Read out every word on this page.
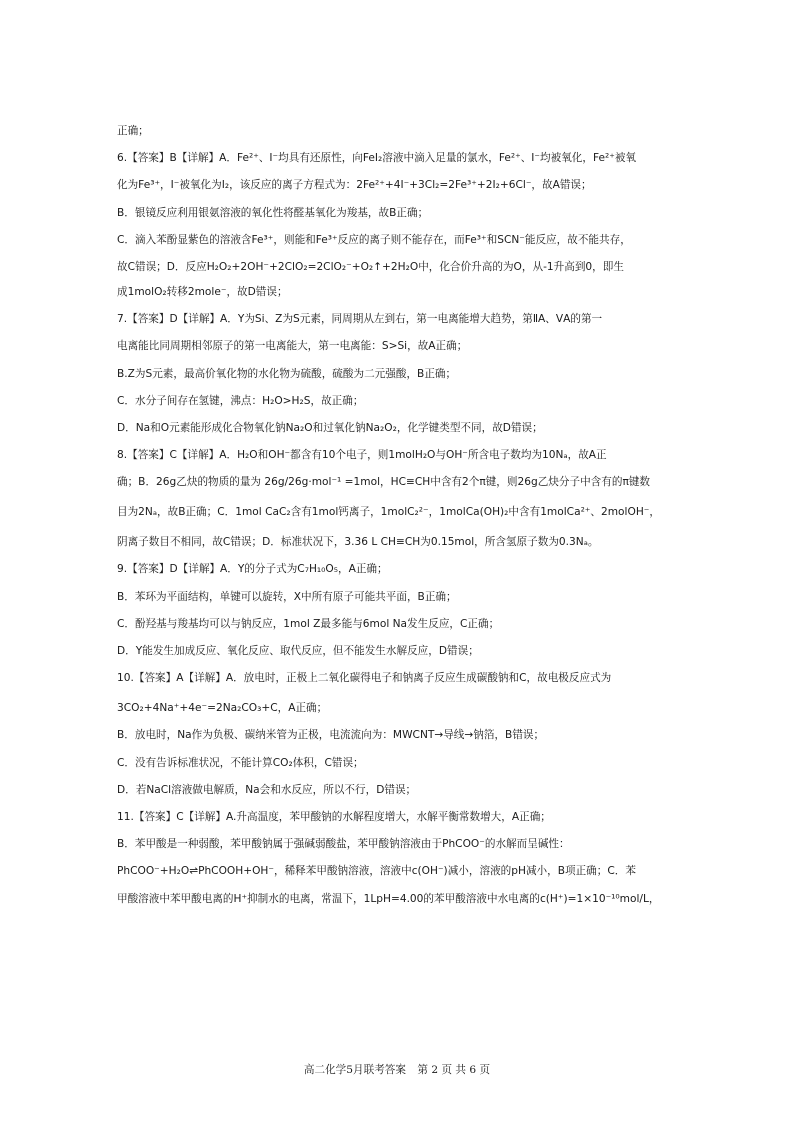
正确；
6.【答案】B【详解】A．Fe²⁺、I⁻均具有还原性，向FeI₂溶液中滴入足量的氯水，Fe²⁺、I⁻均被氧化，Fe²⁺被氧
化为Fe³⁺，I⁻被氧化为I₂，该反应的离子方程式为：2Fe²⁺+4I⁻+3Cl₂=2Fe³⁺+2I₂+6Cl⁻，故A错误；
B．银镜反应利用银氨溶液的氧化性将醛基氧化为羧基，故B正确；
C．滴入苯酚显紫色的溶液含Fe³⁺，则能和Fe³⁺反应的离子则不能存在，而Fe³⁺和SCN⁻能反应，故不能共存，
故C错误；D．反应H₂O₂+2OH⁻+2ClO₂=2ClO₂⁻+O₂↑+2H₂O中，化合价升高的为O，从-1升高到0，即生
成1molO₂转移2mole⁻，故D错误；
7.【答案】D【详解】A．Y为Si、Z为S元素，同周期从左到右，第一电离能增大趋势，第ⅡA、ⅤA的第一
电离能比同周期相邻原子的第一电离能大，第一电离能：S>Si，故A正确；
B.Z为S元素，最高价氧化物的水化物为硫酸，硫酸为二元强酸，B正确；
C．水分子间存在氢键，沸点：H₂O>H₂S，故正确；
D．Na和O元素能形成化合物氧化钠Na₂O和过氧化钠Na₂O₂，化学键类型不同，故D错误；
8.【答案】C【详解】A．H₂O和OH⁻都含有10个电子，则1molH₂O与OH⁻所含电子数均为10Nₐ，故A正
确；B．26g乙炔的物质的量为 26g/26g·mol⁻¹ =1mol，HC≡CH中含有2个π键，则26g乙炔分子中含有的π键数
目为2Nₐ，故B正确；C．1mol CaC₂含有1mol钙离子，1molC₂²⁻，1molCa(OH)₂中含有1molCa²⁺、2molOH⁻，
阴离子数目不相同，故C错误；D．标准状况下，3.36 L CH≡CH为0.15mol，所含氢原子数为0.3Nₐ。
9.【答案】D【详解】A．Y的分子式为C₇H₁₀O₅，A正确；
B．苯环为平面结构，单键可以旋转，X中所有原子可能共平面，B正确；
C．酚羟基与羧基均可以与钠反应，1mol Z最多能与6mol Na发生反应，C正确；
D．Y能发生加成反应、氧化反应、取代反应，但不能发生水解反应，D错误；
10.【答案】A【详解】A．放电时，正极上二氧化碳得电子和钠离子反应生成碳酸钠和C，故电极反应式为
3CO₂+4Na⁺+4e⁻=2Na₂CO₃+C，A正确；
B．放电时，Na作为负极、碳纳米管为正极，电流流向为：MWCNT→导线→钠箔，B错误；
C．没有告诉标准状况，不能计算CO₂体积，C错误；
D．若NaCl溶液做电解质，Na会和水反应，所以不行，D错误；
11.【答案】C【详解】A.升高温度，苯甲酸钠的水解程度增大，水解平衡常数增大，A正确；
B．苯甲酸是一种弱酸，苯甲酸钠属于强碱弱酸盐，苯甲酸钠溶液由于PhCOO⁻的水解而呈碱性：
PhCOO⁻+H₂O⇌PhCOOH+OH⁻，稀释苯甲酸钠溶液，溶液中c(OH⁻)减小，溶液的pH减小，B项正确；C．苯
甲酸溶液中苯甲酸电离的H⁺抑制水的电离，常温下，1LpH=4.00的苯甲酸溶液中水电离的c(H⁺)=1×10⁻¹⁰mol/L，
高二化学5月联考答案 第 2 页 共 6 页
